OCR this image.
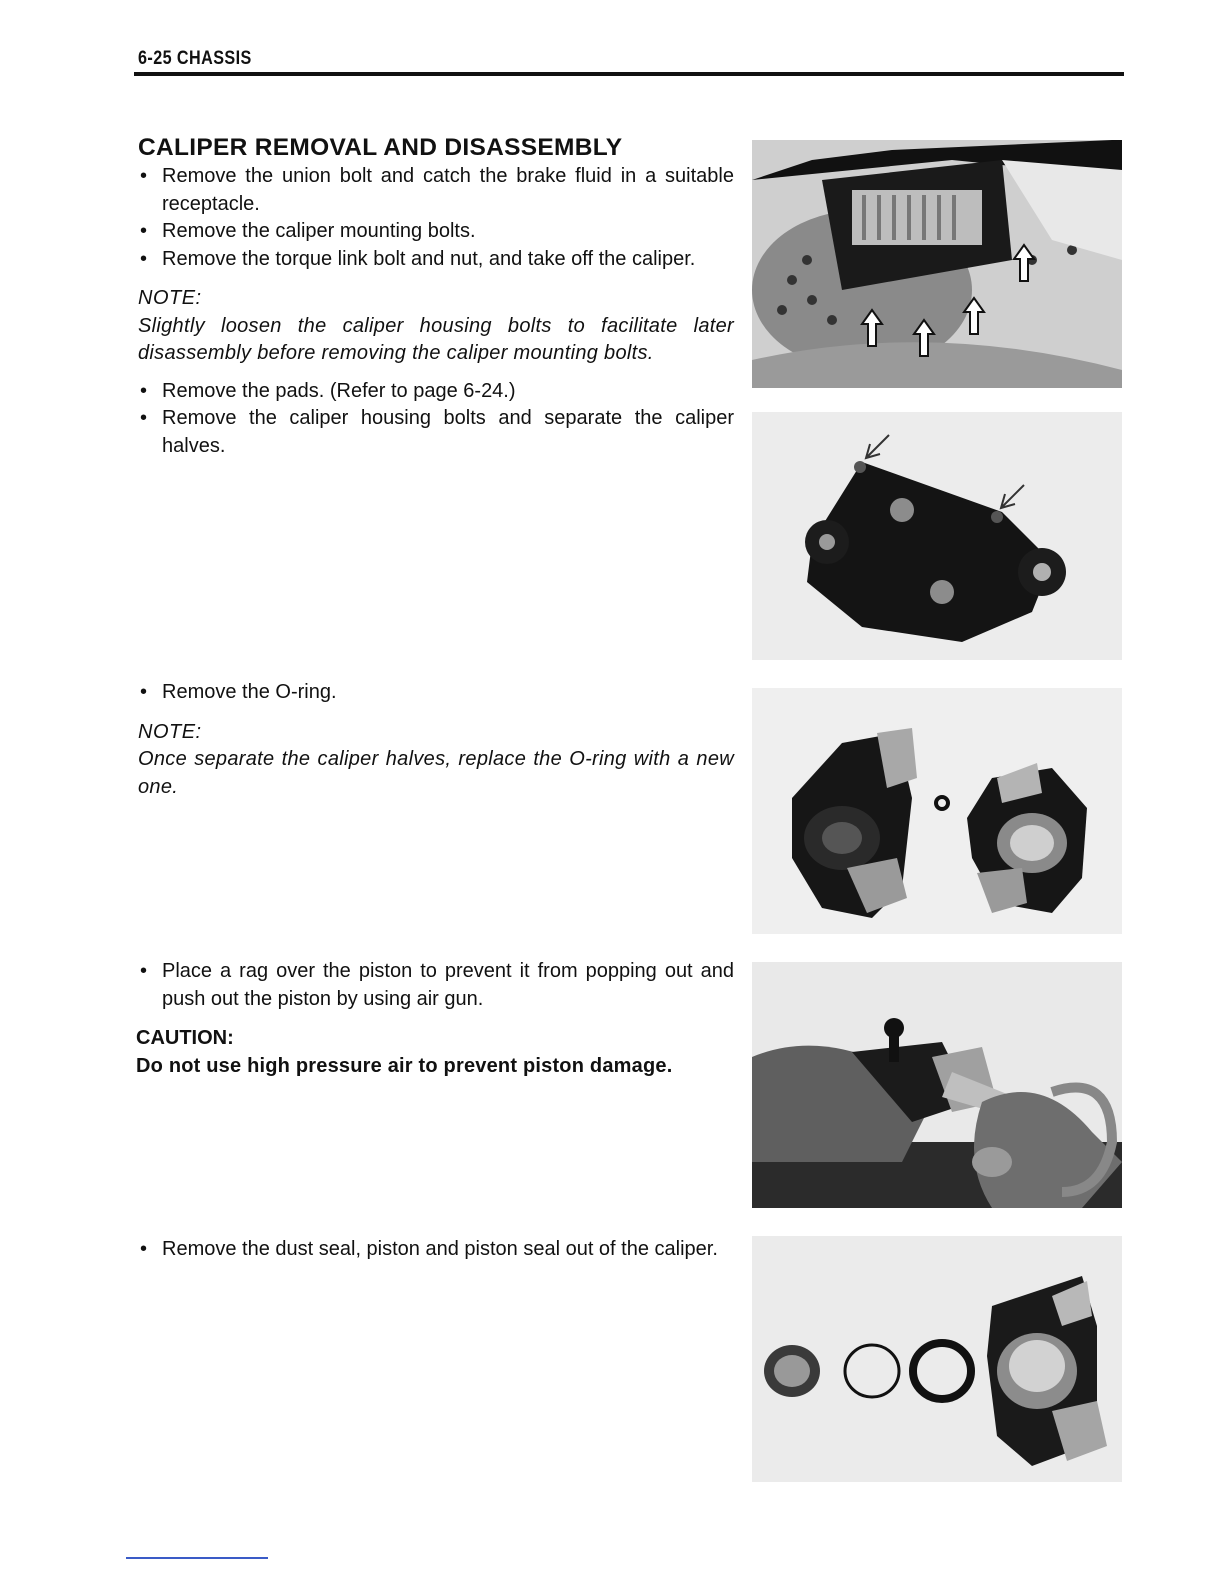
6-25 CHASSIS
CALIPER REMOVAL AND DISASSEMBLY
• Remove the union bolt and catch the brake fluid in a suitable receptacle.
• Remove the caliper mounting bolts.
• Remove the torque link bolt and nut, and take off the caliper.
NOTE:
Slightly loosen the caliper housing bolts to facilitate later disassembly before removing the caliper mounting bolts.
• Remove the pads. (Refer to page 6-24.)
• Remove the caliper housing bolts and separate the caliper halves.
• Remove the O-ring.
NOTE:
Once separate the caliper halves, replace the O-ring with a new one.
• Place a rag over the piston to prevent it from popping out and push out the piston by using air gun.
CAUTION:
Do not use high pressure air to prevent piston damage.
• Remove the dust seal, piston and piston seal out of the caliper.
